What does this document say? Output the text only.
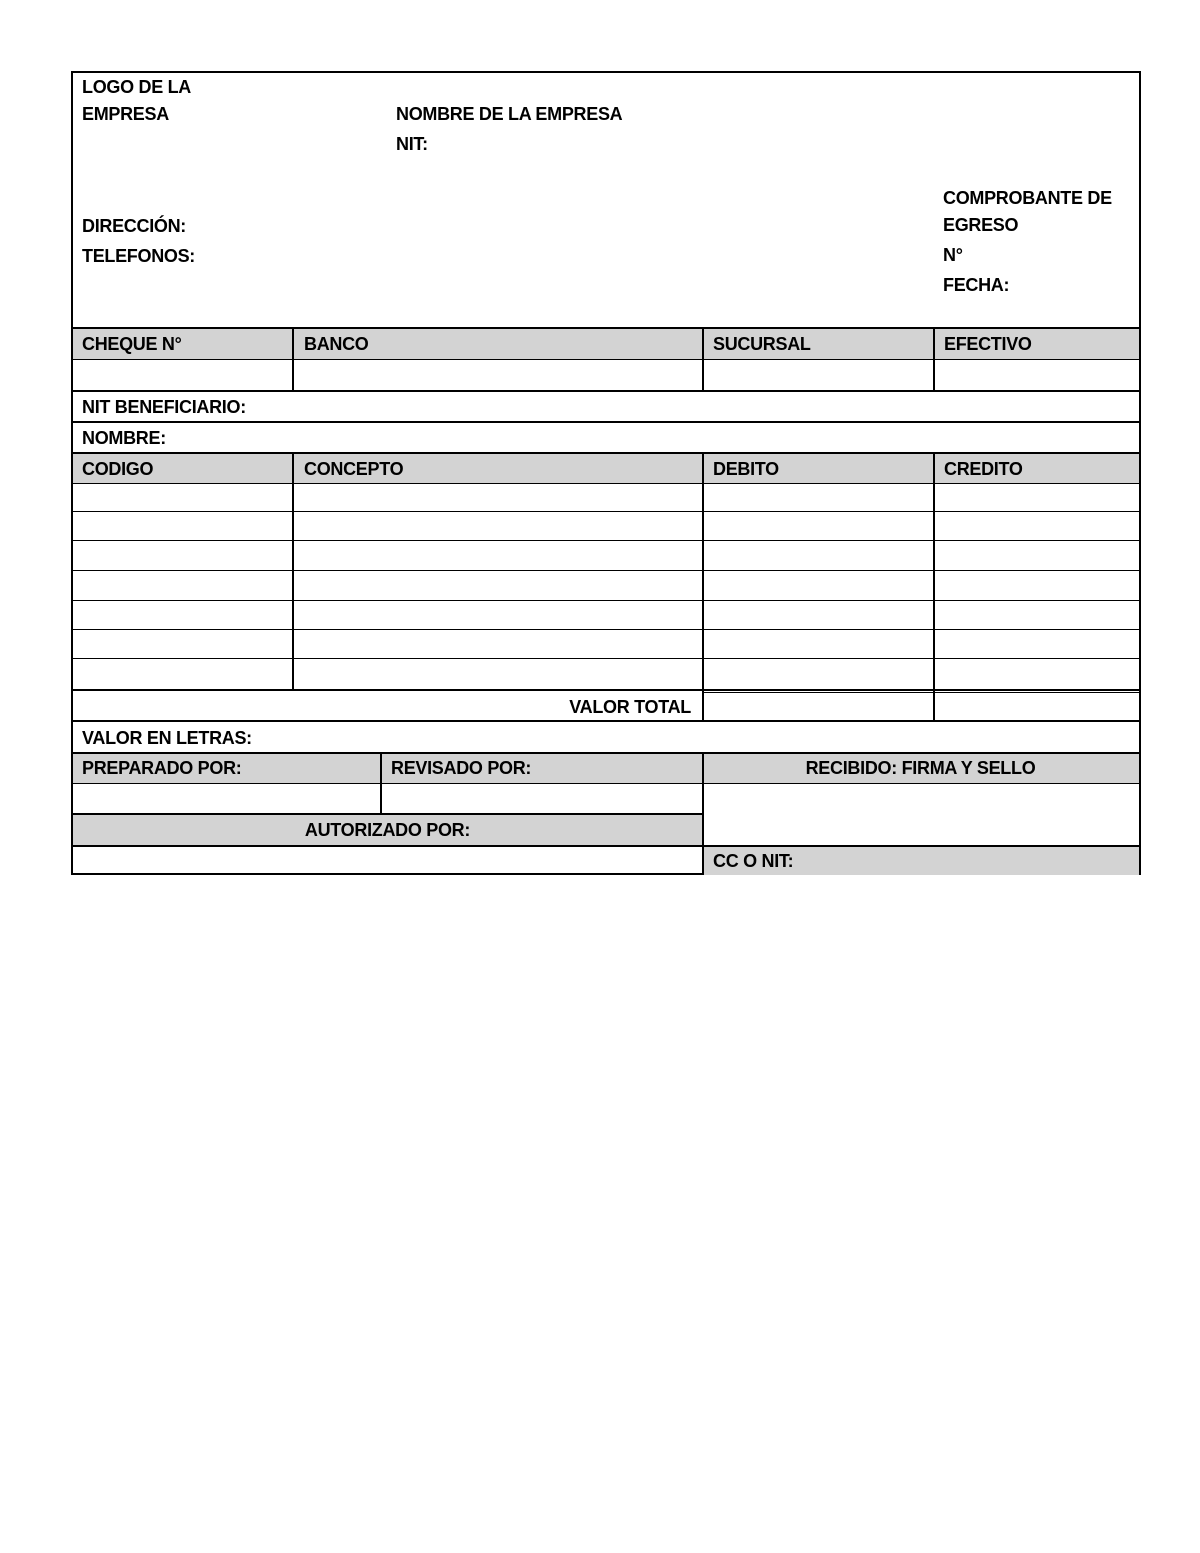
LOGO DE LA
EMPRESA	NOMBRE DE LA EMPRESA
NIT:
DIRECCIÓN:
TELEFONOS:
COMPROBANTE DE
EGRESO
N°
FECHA:
CHEQUE N°	BANCO	SUCURSAL	EFECTIVO
NIT BENEFICIARIO:
NOMBRE:
CODIGO	CONCEPTO	DEBITO	CREDITO
VALOR TOTAL
VALOR EN LETRAS:
PREPARADO POR:	REVISADO POR:	RECIBIDO: FIRMA Y SELLO
AUTORIZADO POR:
CC O NIT:
